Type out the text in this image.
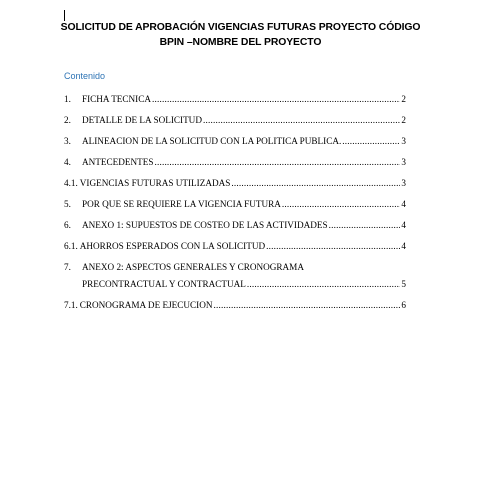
SOLICITUD DE APROBACIÓN VIGENCIAS FUTURAS PROYECTO CÓDIGO
BPIN –NOMBRE DEL PROYECTO
Contenido
1.	FICHA TECNICA .....	2
2.	DETALLE DE LA SOLICITUD .....	2
3.	ALINEACION DE LA SOLICITUD CON LA POLITICA PUBLICA. .....	3
4.	ANTECEDENTES .....	3
4.1. VIGENCIAS FUTURAS UTILIZADAS .....	3
5.	POR QUE SE REQUIERE LA VIGENCIA FUTURA .....	4
6.	ANEXO 1: SUPUESTOS DE COSTEO DE LAS ACTIVIDADES .....	4
6.1. AHORROS ESPERADOS CON LA SOLICITUD .....	4
7.	ANEXO 2: ASPECTOS GENERALES Y CRONOGRAMA
PRECONTRACTUAL Y CONTRACTUAL .....	5
7.1. CRONOGRAMA DE EJECUCION .....	6
